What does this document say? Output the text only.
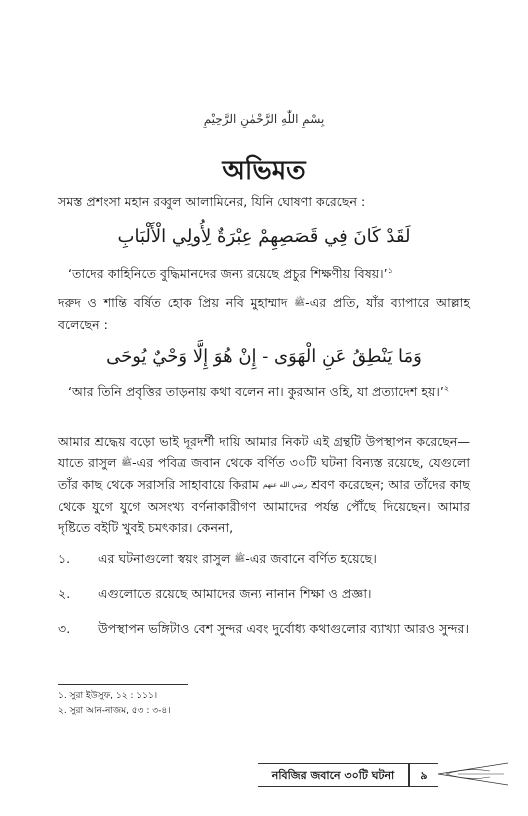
بِسْمِ اللّٰهِ الرَّحْمٰنِ الرَّحِيْمِ
অভিমত
সমস্ত প্রশংসা মহান রব্বুল আলামিনের, যিনি ঘোষণা করেছেন :
لَقَدْ كَانَ فِي قَصَصِهِمْ عِبْرَةٌ لِأُولِي الْأَلْبَابِ
‘তাদের কাহিনিতে বুদ্ধিমানদের জন্য রয়েছে প্রচুর শিক্ষণীয় বিষয়।’$^১$
দরুদ ও শান্তি বর্ষিত হোক প্রিয় নবি মুহাম্মাদ ﷺ-এর প্রতি, যাঁর ব্যাপারে আল্লাহ বলেছেন :
وَمَا يَنْطِقُ عَنِ الْهَوَى - إِنْ هُوَ إِلَّا وَحْيٌ يُوحَى
‘আর তিনি প্রবৃত্তির তাড়নায় কথা বলেন না। কুরআন ওহি, যা প্রত্যাদেশ হয়।’$^২$
আমার শ্রদ্ধেয় বড়ো ভাই দূরদর্শী দায়ি আমার নিকট এই গ্রন্থটি উপস্থাপন করেছেন—যাতে রাসুল ﷺ-এর পবিত্র জবান থেকে বর্ণিত ৩০টি ঘটনা বিন্যস্ত রয়েছে, যেগুলো তাঁর কাছ থেকে সরাসরি সাহাবায়ে কিরাম رضي الله عنهم শ্রবণ করেছেন; আর তাঁদের কাছ থেকে যুগে যুগে অসংখ্য বর্ণনাকারীগণ আমাদের পর্যন্ত পৌঁছে দিয়েছেন। আমার দৃষ্টিতে বইটি খুবই চমৎকার। কেননা,
১. এর ঘটনাগুলো স্বয়ং রাসুল ﷺ-এর জবানে বর্ণিত হয়েছে।
২. এগুলোতে রয়েছে আমাদের জন্য নানান শিক্ষা ও প্রজ্ঞা।
৩. উপস্থাপন ভঙ্গিটাও বেশ সুন্দর এবং দুর্বোধ্য কথাগুলোর ব্যাখ্যা আরও সুন্দর।
১. সুরা ইউসুফ, ১২ : ১১১।
২. সুরা আন-নাজম, ৫৩ : ৩-৪।
নবিজির জবানে ৩০টি ঘটনা	৯
